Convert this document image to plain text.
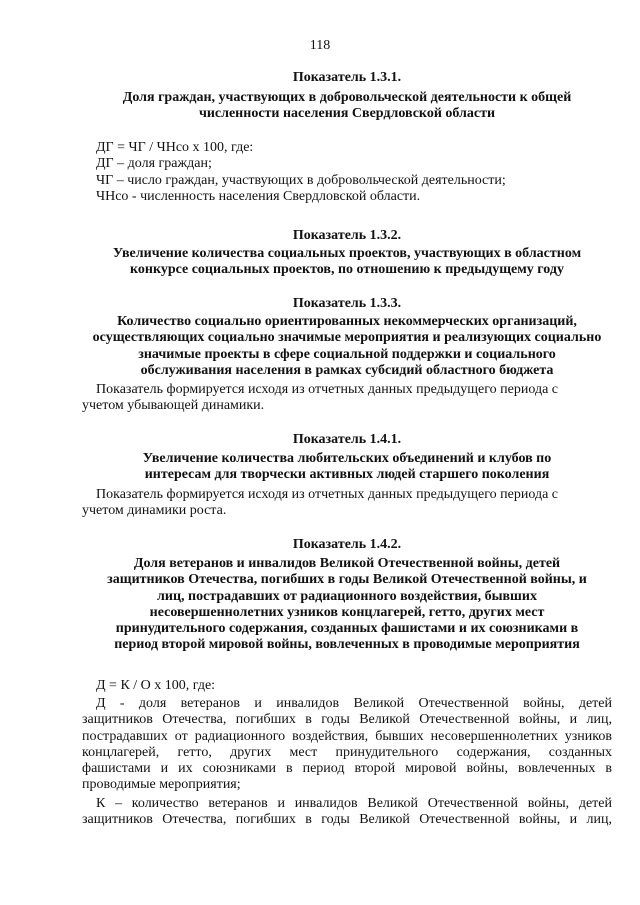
118
Показатель 1.3.1.
Доля граждан, участвующих в добровольческой деятельности к общей
численности населения Свердловской области
ДГ = ЧГ / ЧНсо х 100, где:
ДГ – доля граждан;
ЧГ – число граждан, участвующих в добровольческой деятельности;
ЧНсо - численность населения Свердловской области.
Показатель 1.3.2.
Увеличение количества социальных проектов, участвующих в областном
конкурсе социальных проектов, по отношению к предыдущему году
Показатель 1.3.3.
Количество социально ориентированных некоммерческих организаций,
осуществляющих социально значимые мероприятия и реализующих социально
значимые проекты в сфере социальной поддержки и социального
обслуживания населения в рамках субсидий областного бюджета
Показатель формируется исходя из отчетных данных предыдущего периода с
учетом убывающей динамики.
Показатель 1.4.1.
Увеличение количества любительских объединений и клубов по
интересам для творчески активных людей старшего поколения
Показатель формируется исходя из отчетных данных предыдущего периода с
учетом динамики роста.
Показатель 1.4.2.
Доля ветеранов и инвалидов Великой Отечественной войны, детей
защитников Отечества, погибших в годы Великой Отечественной войны, и
лиц, пострадавших от радиационного воздействия, бывших
несовершеннолетних узников концлагерей, гетто, других мест
принудительного содержания, созданных фашистами и их союзниками в
период второй мировой войны, вовлеченных в проводимые мероприятия
Д = К / О х 100, где:
Д - доля ветеранов и инвалидов Великой Отечественной войны, детей
защитников Отечества, погибших в годы Великой Отечественной войны, и лиц,
пострадавших от радиационного воздействия, бывших несовершеннолетних узников
концлагерей, гетто, других мест принудительного содержания, созданных
фашистами и их союзниками в период второй мировой войны, вовлеченных в
проводимые мероприятия;
К – количество ветеранов и инвалидов Великой Отечественной войны, детей
защитников Отечества, погибших в годы Великой Отечественной войны, и лиц,
